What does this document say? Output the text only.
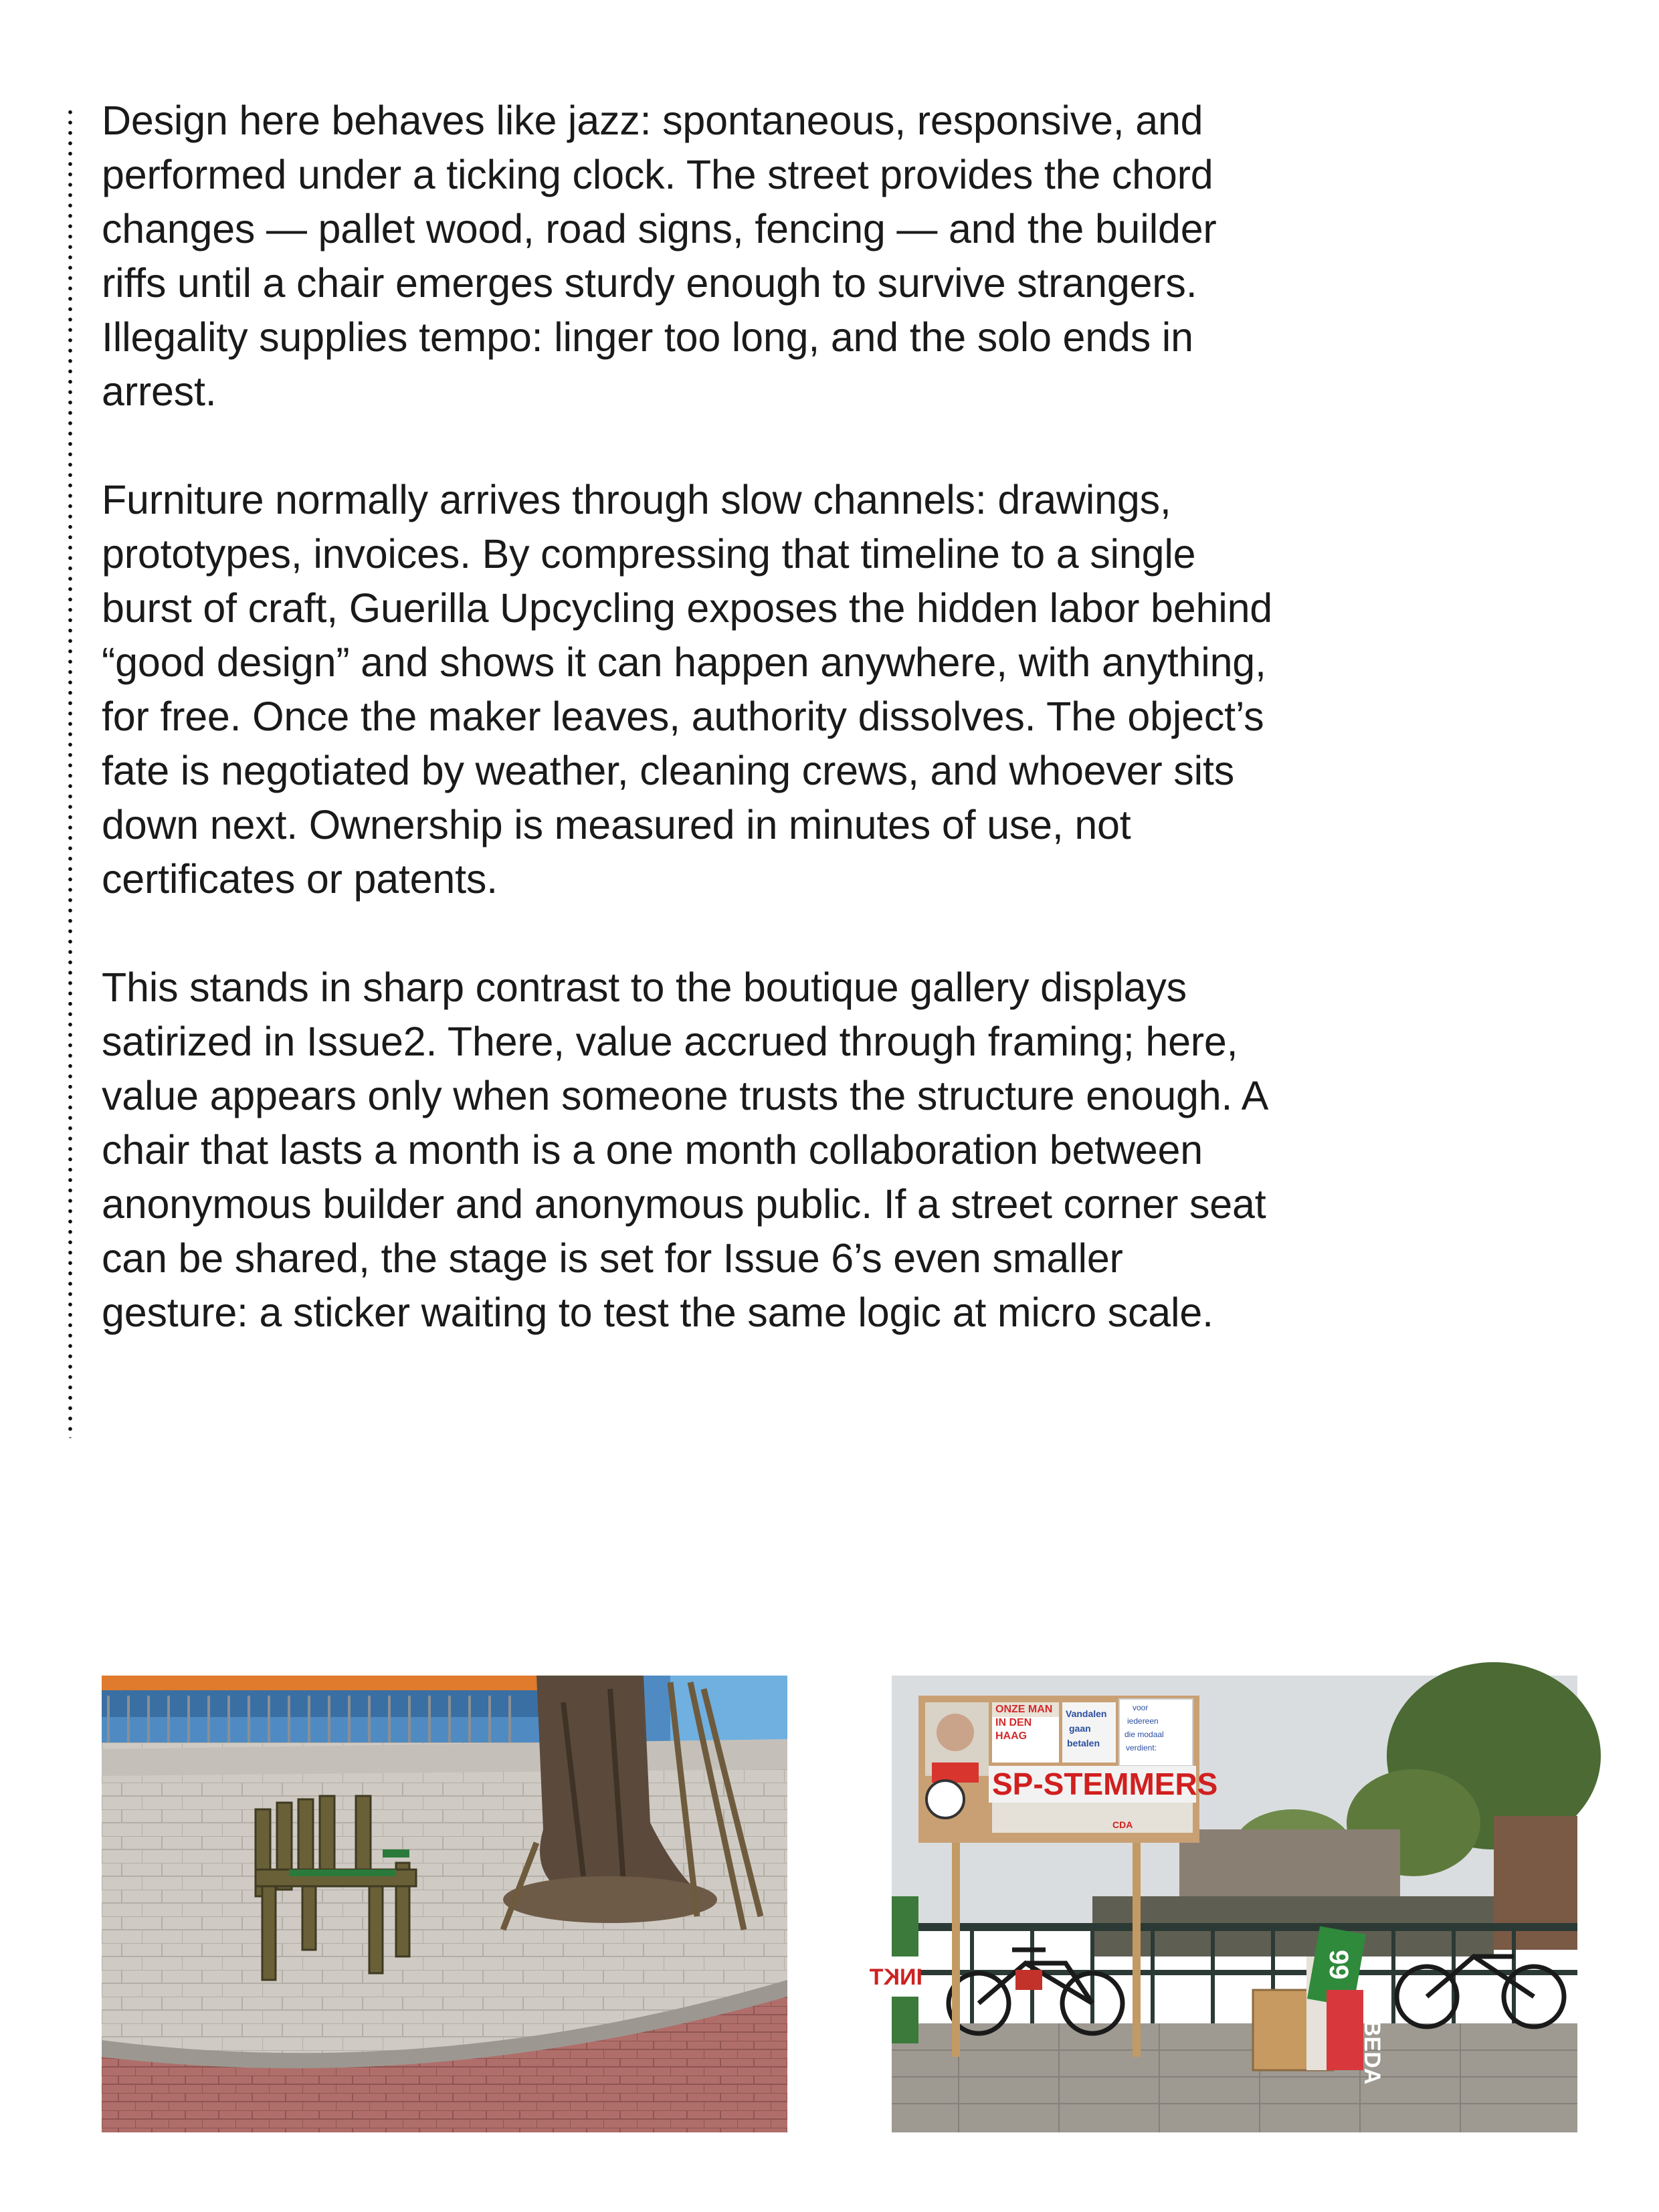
Design here behaves like jazz: spontaneous, responsive, and performed under a ticking clock. The street provides the chord changes — pallet wood, road signs, fencing — and the builder riffs until a chair emerges sturdy enough to survive strangers. Illegality supplies tempo: linger too long, and the solo ends in arrest.

Furniture normally arrives through slow channels: drawings, prototypes, invoices. By compressing that timeline to a single burst of craft, Guerilla Upcycling exposes the hidden labor behind “good design” and shows it can happen anywhere, with anything, for free. Once the maker leaves, authority dissolves. The object’s fate is negotiated by weather, cleaning crews, and whoever sits down next. Ownership is measured in minutes of use, not certificates or patents.

This stands in sharp contrast to the boutique gallery displays satirized in Issue2. There, value accrued through framing; here, value appears only when someone trusts the structure enough. A chair that lasts a month is a one month collaboration between anonymous builder and anonymous public. If a street corner seat can be shared, the stage is set for Issue 6’s even smaller gesture: a sticker waiting to test the same logic at micro scale.

ONZE MAN
IN DEN
HAAG
Vandalen
gaan
betalen
voor
iedereen
die modaal
verdient:
SP-STEMMERS
CDA
INKT	99
BEDA
